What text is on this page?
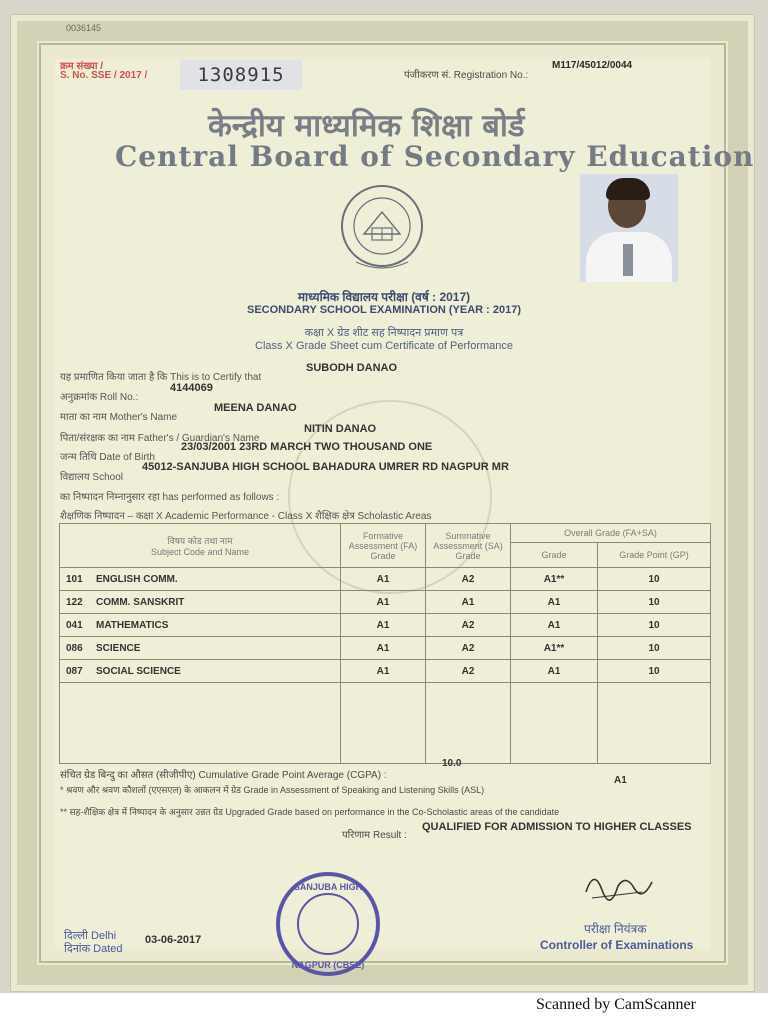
0036145
क्रम संख्या /
S. No. SSE / 2017 /	1308915	पंजीकरण सं. Registration No.:
M117/45012/0044
केन्द्रीय माध्यमिक शिक्षा बोर्ड
Central Board of Secondary Education
माध्यमिक विद्यालय परीक्षा (वर्ष : 2017)
SECONDARY SCHOOL EXAMINATION (YEAR : 2017)
कक्षा X ग्रेड शीट सह निष्पादन प्रमाण पत्र
Class X Grade Sheet cum Certificate of Performance
यह प्रमाणित किया जाता है कि This is to Certify that
SUBODH DANAO
अनुक्रमांक Roll No.:
4144069
माता का नाम Mother's Name
MEENA DANAO
पिता/संरक्षक का नाम Father's / Guardian's Name
NITIN DANAO
जन्म तिथि Date of Birth
23/03/2001 23RD MARCH TWO THOUSAND ONE
विद्यालय School
45012-SANJUBA HIGH SCHOOL BAHADURA UMRER RD NAGPUR MR
का निष्पादन निम्नानुसार रहा has performed as follows :
शैक्षणिक निष्पादन – कक्षा X Academic Performance - Class X शैक्षिक क्षेत्र Scholastic Areas
विषय कोड तथा नाम
Subject Code and Name	Formative Assessment (FA) Grade	Summative Assessment (SA) Grade	Overall Grade (FA+SA)	
			Grade	Grade Point (GP)
101 ENGLISH COMM.	A1	A2	A1**	10
122 COMM. SANSKRIT	A1	A1	A1	10
041 MATHEMATICS	A1	A2	A1	10
086 SCIENCE	A1	A2	A1**	10
087 SOCIAL SCIENCE	A1	A2	A1	10

संचित ग्रेड बिन्दु का औसत (सीजीपीए) Cumulative Grade Point Average (CGPA) :
10.0
* श्रवण और श्रवण कौशलों (एएसएल) के आकलन में ग्रेड Grade in Assessment of Speaking and Listening Skills (ASL)
A1
** सह-शैक्षिक क्षेत्र में निष्पादन के अनुसार उन्नत ग्रेड Upgraded Grade based on performance in the Co-Scholastic areas of the candidate
परिणाम Result :
QUALIFIED FOR ADMISSION TO HIGHER CLASSES
SANJUBA HIGH
NAGPUR (CBSE)
दिल्ली Delhi
दिनांक Dated
03-06-2017
परीक्षा नियंत्रक
Controller of Examinations
Scanned by CamScanner
